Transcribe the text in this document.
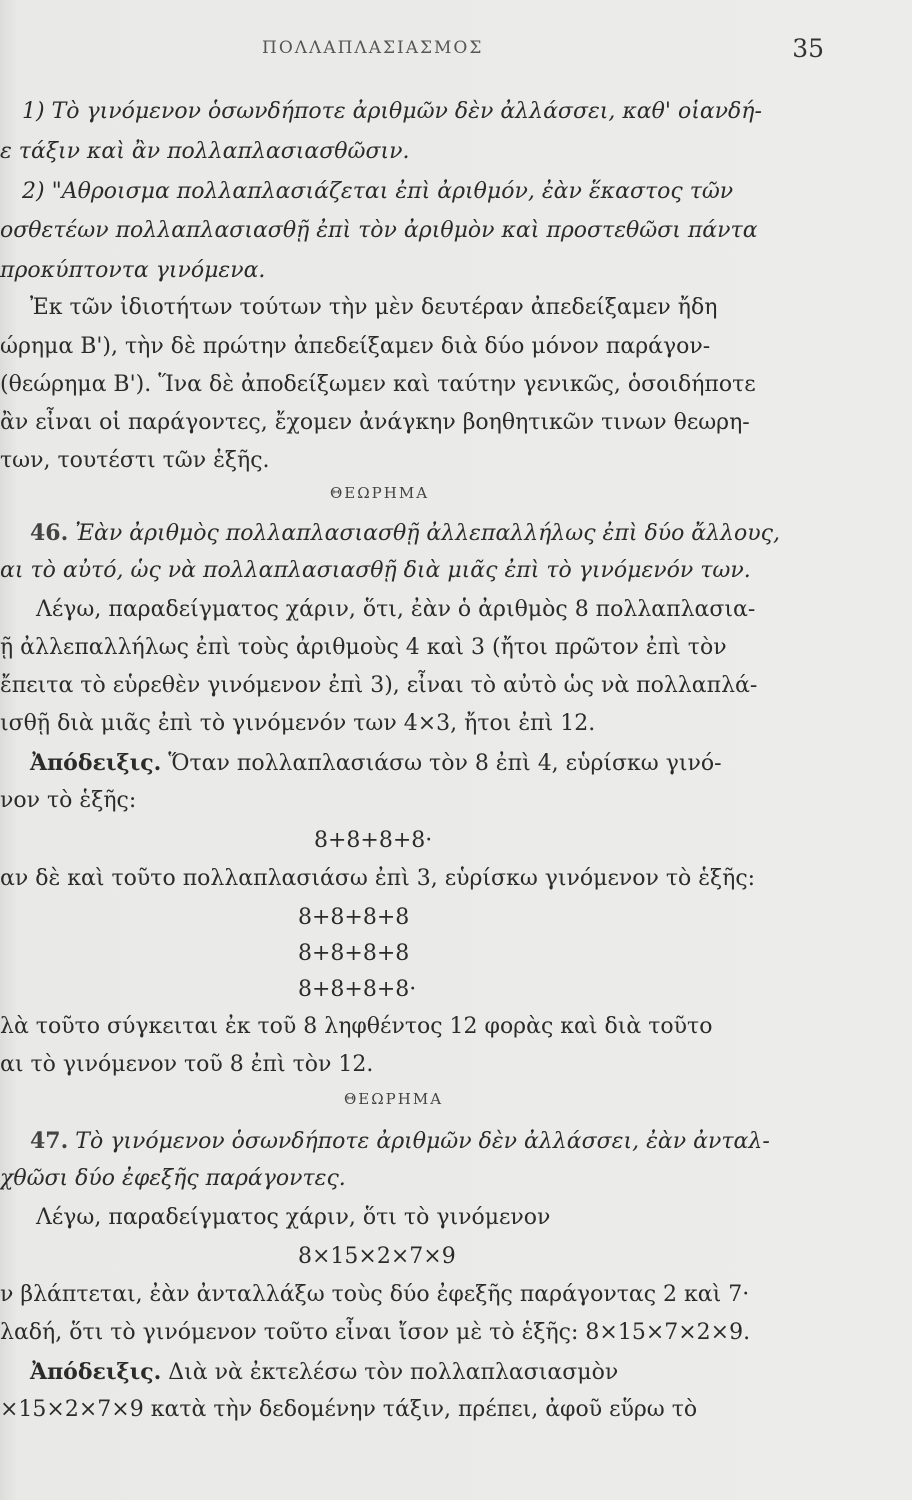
ΠΟΛΛΑΠΛΑΣΙΑΣΜΟΣ	35
1) Τὸ γινόμενον ὁσωνδήποτε ἀριθμῶν δὲν ἀλλάσσει, καθ' οἱανδή-
ε τάξιν καὶ ἂν πολλαπλασιασθῶσιν.
2) "Αθροισμα πολλαπλασιάζεται ἐπὶ ἀριθμόν, ἐὰν ἕκαστος τῶν
οσθετέων πολλαπλασιασθῇ ἐπὶ τὸν ἀριθμὸν καὶ προστεθῶσι πάντα
προκύπτοντα γινόμενα.
Ἐκ τῶν ἰδιοτήτων τούτων τὴν μὲν δευτέραν ἀπεδείξαμεν ἤδη
ώρημα Β'), τὴν δὲ πρώτην ἀπεδείξαμεν διὰ δύο μόνον παράγον-
(θεώρημα Β'). Ἵνα δὲ ἀποδείξωμεν καὶ ταύτην γενικῶς, ὁσοιδήποτε
ἂν εἶναι οἱ παράγοντες, ἔχομεν ἀνάγκην βοηθητικῶν τινων θεωρη-
των, τουτέστι τῶν ἑξῆς.
ΘΕΩΡΗΜΑ
46. Ἐὰν ἀριθμὸς πολλαπλασιασθῇ ἀλλεπαλλήλως ἐπὶ δύο ἄλλους,
αι τὸ αὐτό, ὡς νὰ πολλαπλασιασθῇ διὰ μιᾶς ἐπὶ τὸ γινόμενόν των.
Λέγω, παραδείγματος χάριν, ὅτι, ἐὰν ὁ ἀριθμὸς 8 πολλαπλασια-
ῇ ἀλλεπαλλήλως ἐπὶ τοὺς ἀριθμοὺς 4 καὶ 3 (ἤτοι πρῶτον ἐπὶ τὸν
ἔπειτα τὸ εὑρεθὲν γινόμενον ἐπὶ 3), εἶναι τὸ αὐτὸ ὡς νὰ πολλαπλά-
ισθῇ διὰ μιᾶς ἐπὶ τὸ γινόμενόν των 4×3, ἤτοι ἐπὶ 12.
Ἀπόδειξις. Ὅταν πολλαπλασιάσω τὸν 8 ἐπὶ 4, εὑρίσκω γινό-
νον τὸ ἑξῆς:
8+8+8+8·
αν δὲ καὶ τοῦτο πολλαπλασιάσω ἐπὶ 3, εὑρίσκω γινόμενον τὸ ἑξῆς:
8+8+8+8
8+8+8+8
8+8+8+8·
λὰ τοῦτο σύγκειται ἐκ τοῦ 8 ληφθέντος 12 φορὰς καὶ διὰ τοῦτο
αι τὸ γινόμενον τοῦ 8 ἐπὶ τὸν 12.
ΘΕΩΡΗΜΑ
47. Τὸ γινόμενον ὁσωνδήποτε ἀριθμῶν δὲν ἀλλάσσει, ἐὰν ἀνταλ-
χθῶσι δύο ἐφεξῆς παράγοντες.
Λέγω, παραδείγματος χάριν, ὅτι τὸ γινόμενον
8×15×2×7×9
ν βλάπτεται, ἐὰν ἀνταλλάξω τοὺς δύο ἐφεξῆς παράγοντας 2 καὶ 7·
λαδή, ὅτι τὸ γινόμενον τοῦτο εἶναι ἴσον μὲ τὸ ἑξῆς: 8×15×7×2×9.
Ἀπόδειξις. Διὰ νὰ ἐκτελέσω τὸν πολλαπλασιασμὸν
×15×2×7×9 κατὰ τὴν δεδομένην τάξιν, πρέπει, ἀφοῦ εὕρω τὸ
